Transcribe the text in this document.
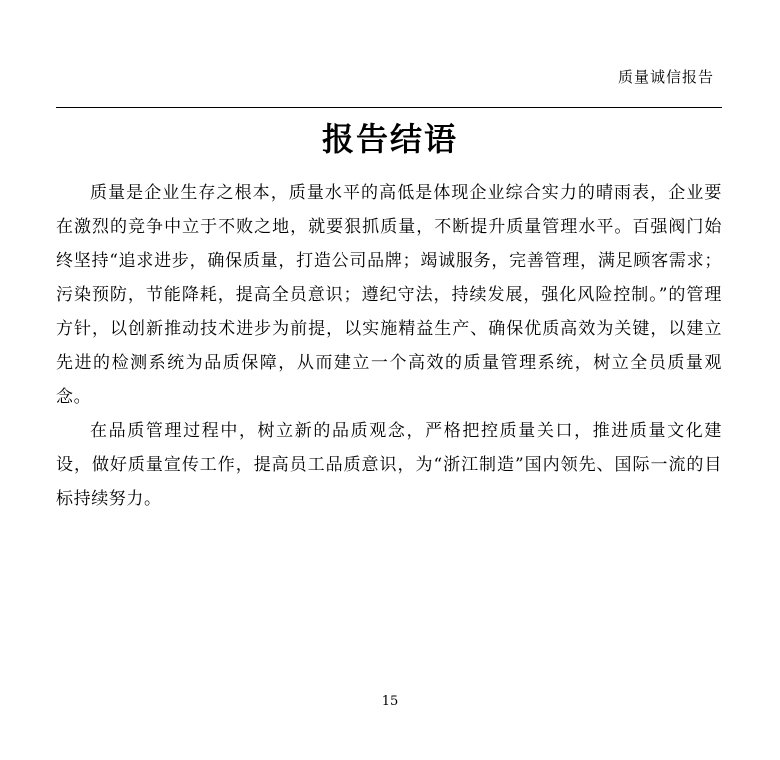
质量诚信报告
报告结语

质量是企业生存之根本，质量水平的高低是体现企业综合实力的晴雨表，企业要在激烈的竞争中立于不败之地，就要狠抓质量，不断提升质量管理水平。百强阀门始终坚持“追求进步，确保质量，打造公司品牌；竭诚服务，完善管理，满足顾客需求；污染预防，节能降耗，提高全员意识；遵纪守法，持续发展，强化风险控制。”的管理方针，以创新推动技术进步为前提，以实施精益生产、确保优质高效为关键，以建立先进的检测系统为品质保障，从而建立一个高效的质量管理系统，树立全员质量观念。

在品质管理过程中，树立新的品质观念，严格把控质量关口，推进质量文化建设，做好质量宣传工作，提高员工品质意识，为“浙江制造”国内领先、国际一流的目标持续努力。

15
